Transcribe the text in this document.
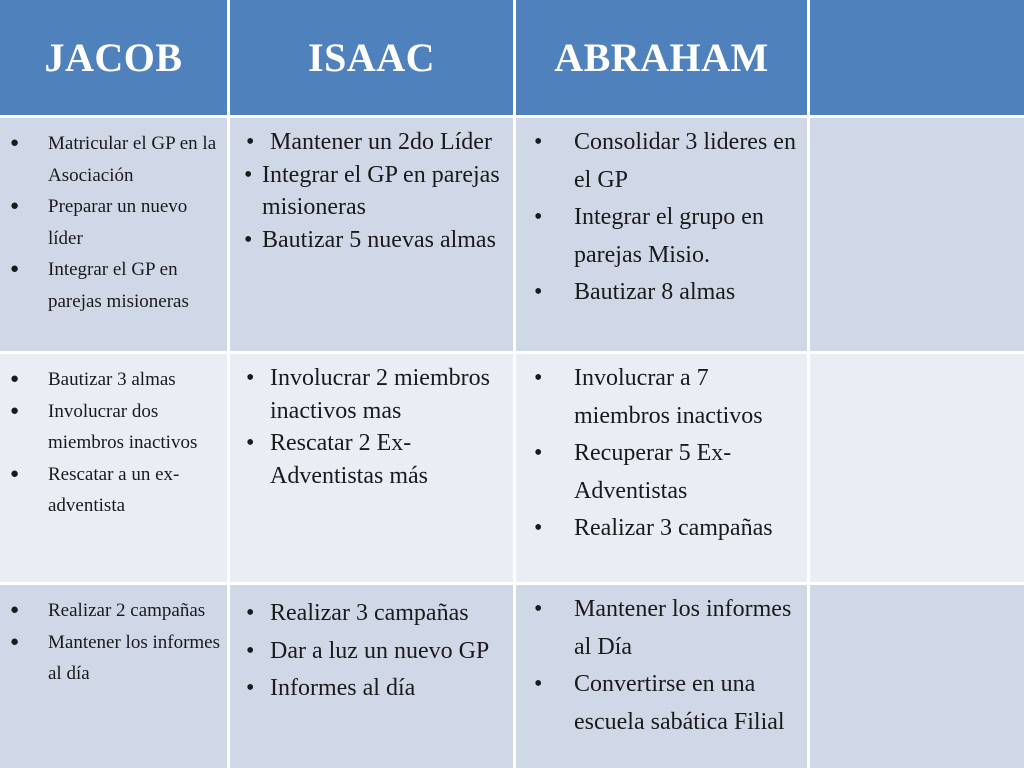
JACOB	ISAAC	ABRAHAM
● Matricular el GP en la Asociación
● Preparar un nuevo líder
● Integrar el GP en parejas misioneras
• Mantener un 2do Líder
• Integrar el GP en parejas misioneras
• Bautizar 5 nuevas almas
• Consolidar 3 lideres en el GP
• Integrar el grupo en parejas Misio.
• Bautizar 8 almas
● Bautizar 3 almas
● Involucrar dos miembros inactivos
● Rescatar a un ex-adventista
• Involucrar 2 miembros inactivos mas
• Rescatar 2 Ex-Adventistas más
• Involucrar a 7 miembros inactivos
• Recuperar 5 Ex-Adventistas
• Realizar 3 campañas
● Realizar 2 campañas
● Mantener los informes al día
• Realizar 3 campañas
• Dar a luz un nuevo GP
• Informes al día
• Mantener los informes al Día
• Convertirse en una escuela sabática Filial
